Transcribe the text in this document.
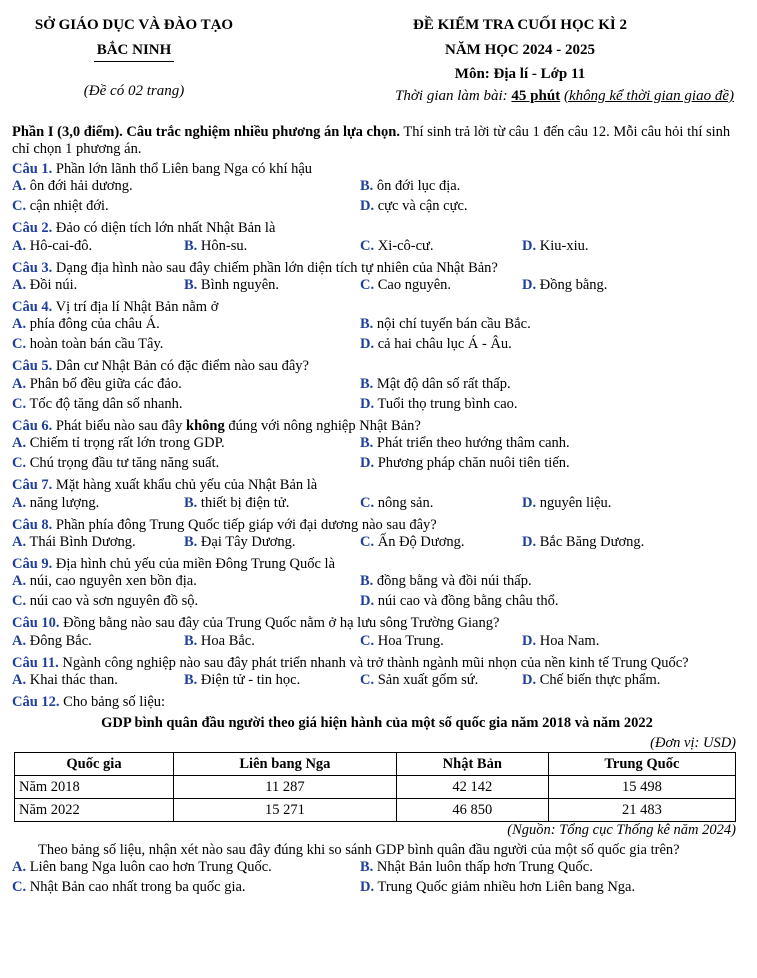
SỞ GIÁO DỤC VÀ ĐÀO TẠO
BẮC NINH
(Đề có 02 trang)
ĐỀ KIỂM TRA CUỐI HỌC KÌ 2
NĂM HỌC 2024 - 2025
Môn: Địa lí - Lớp 11
Thời gian làm bài: 45 phút (không kể thời gian giao đề)
Phần I (3,0 điểm). Câu trắc nghiệm nhiều phương án lựa chọn. Thí sinh trả lời từ câu 1 đến câu 12. Mỗi câu hỏi thí sinh chỉ chọn 1 phương án.
Câu 1. Phần lớn lãnh thổ Liên bang Nga có khí hậu
A. ôn đới hải dương.	B. ôn đới lục địa.
C. cận nhiệt đới.	D. cực và cận cực.
Câu 2. Đảo có diện tích lớn nhất Nhật Bản là
A. Hô-cai-đô.	B. Hôn-su.	C. Xi-cô-cư.	D. Kiu-xiu.
Câu 3. Dạng địa hình nào sau đây chiếm phần lớn diện tích tự nhiên của Nhật Bản?
A. Đồi núi.	B. Bình nguyên.	C. Cao nguyên.	D. Đồng bằng.
Câu 4. Vị trí địa lí Nhật Bản nằm ở
A. phía đông của châu Á.	B. nội chí tuyến bán cầu Bắc.
C. hoàn toàn bán cầu Tây.	D. cả hai châu lục Á - Âu.
Câu 5. Dân cư Nhật Bản có đặc điểm nào sau đây?
A. Phân bố đều giữa các đảo.	B. Mật độ dân số rất thấp.
C. Tốc độ tăng dân số nhanh.	D. Tuổi thọ trung bình cao.
Câu 6. Phát biểu nào sau đây không đúng với nông nghiệp Nhật Bản?
A. Chiếm tỉ trọng rất lớn trong GDP.	B. Phát triển theo hướng thâm canh.
C. Chú trọng đầu tư tăng năng suất.	D. Phương pháp chăn nuôi tiên tiến.
Câu 7. Mặt hàng xuất khẩu chủ yếu của Nhật Bản là
A. năng lượng.	B. thiết bị điện tử.	C. nông sản.	D. nguyên liệu.
Câu 8. Phần phía đông Trung Quốc tiếp giáp với đại dương nào sau đây?
A. Thái Bình Dương.	B. Đại Tây Dương.	C. Ấn Độ Dương.	D. Bắc Băng Dương.
Câu 9. Địa hình chủ yếu của miền Đông Trung Quốc là
A. núi, cao nguyên xen bồn địa.	B. đồng bằng và đồi núi thấp.
C. núi cao và sơn nguyên đồ sộ.	D. núi cao và đồng bằng châu thổ.
Câu 10. Đồng bằng nào sau đây của Trung Quốc nằm ở hạ lưu sông Trường Giang?
A. Đông Bắc.	B. Hoa Bắc.	C. Hoa Trung.	D. Hoa Nam.
Câu 11. Ngành công nghiệp nào sau đây phát triển nhanh và trở thành ngành mũi nhọn của nền kinh tế Trung Quốc?
A. Khai thác than.	B. Điện tử - tin học.	C. Sản xuất gốm sứ.	D. Chế biến thực phẩm.
Câu 12. Cho bảng số liệu:
GDP bình quân đầu người theo giá hiện hành của một số quốc gia năm 2018 và năm 2022
(Đơn vị: USD)
Quốc gia	Liên bang Nga	Nhật Bản	Trung Quốc
Năm 2018	11 287	42 142	15 498
Năm 2022	15 271	46 850	21 483
(Nguồn: Tổng cục Thống kê năm 2024)
Theo bảng số liệu, nhận xét nào sau đây đúng khi so sánh GDP bình quân đầu người của một số quốc gia trên?
A. Liên bang Nga luôn cao hơn Trung Quốc.	B. Nhật Bản luôn thấp hơn Trung Quốc.
C. Nhật Bản cao nhất trong ba quốc gia.	D. Trung Quốc giảm nhiều hơn Liên bang Nga.
